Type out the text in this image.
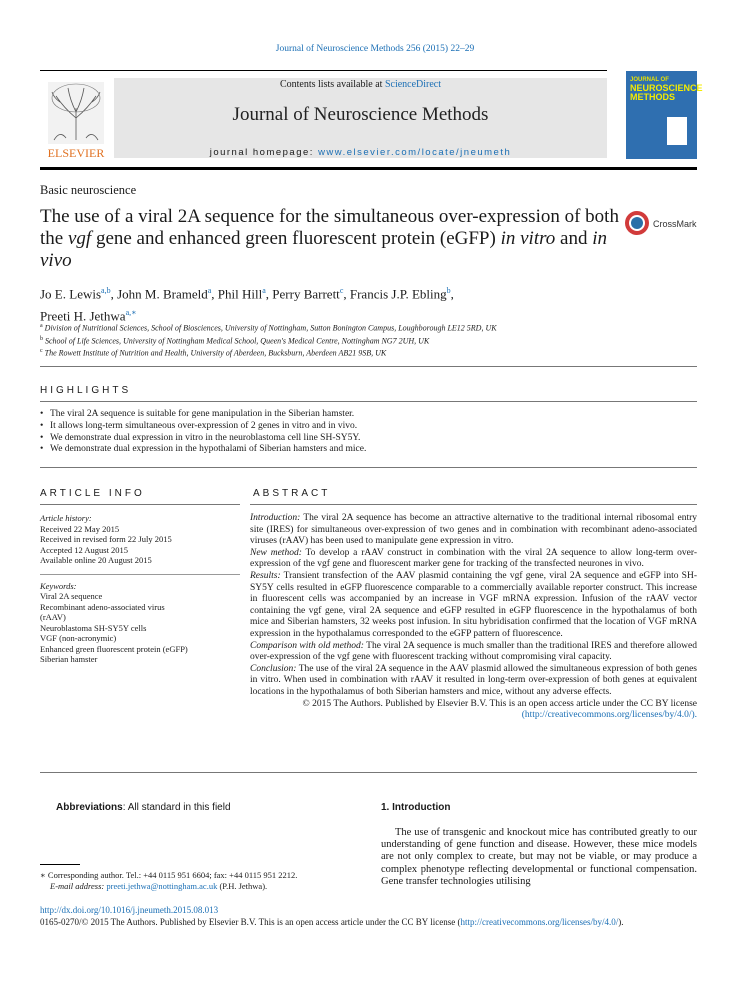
Journal of Neuroscience Methods 256 (2015) 22–29
ELSEVIER
Contents lists available at ScienceDirect
Journal of Neuroscience Methods
journal homepage: www.elsevier.com/locate/jneumeth
JOURNAL OF
NEUROSCIENCE METHODS
Basic neuroscience
The use of a viral 2A sequence for the simultaneous over-expression of both the vgf gene and enhanced green fluorescent protein (eGFP) in vitro and in vivo
CrossMark
Jo E. Lewis$^{a,b}$, John M. Brameld$^a$, Phil Hill$^a$, Perry Barrett$^c$, Francis J.P. Ebling$^b$,
Preeti H. Jethwa$^{a,∗}$
$^a$ Division of Nutritional Sciences, School of Biosciences, University of Nottingham, Sutton Bonington Campus, Loughborough LE12 5RD, UK
$^b$ School of Life Sciences, University of Nottingham Medical School, Queen's Medical Centre, Nottingham NG7 2UH, UK
$^c$ The Rowett Institute of Nutrition and Health, University of Aberdeen, Bucksburn, Aberdeen AB21 9SB, UK
HIGHLIGHTS
• The viral 2A sequence is suitable for gene manipulation in the Siberian hamster.
• It allows long-term simultaneous over-expression of 2 genes in vitro and in vivo.
• We demonstrate dual expression in vitro in the neuroblastoma cell line SH-SY5Y.
• We demonstrate dual expression in the hypothalami of Siberian hamsters and mice.
ARTICLE INFO	ABSTRACT
Article history:
Received 22 May 2015
Received in revised form 22 July 2015
Accepted 12 August 2015
Available online 20 August 2015
Keywords:
Viral 2A sequence
Recombinant adeno-associated virus
(rAAV)
Neuroblastoma SH-SY5Y cells
VGF (non-acronymic)
Enhanced green fluorescent protein (eGFP)
Siberian hamster

Introduction: The viral 2A sequence has become an attractive alternative to the traditional internal ribosomal entry site (IRES) for simultaneous over-expression of two genes and in combination with recombinant adeno-associated viruses (rAAV) has been used to manipulate gene expression in vitro.

New method: To develop a rAAV construct in combination with the viral 2A sequence to allow long-term over-expression of the vgf gene and fluorescent marker gene for tracking of the transfected neurones in vivo.

Results: Transient transfection of the AAV plasmid containing the vgf gene, viral 2A sequence and eGFP into SH-SY5Y cells resulted in eGFP fluorescence comparable to a commercially available reporter construct. This increase in fluorescent cells was accompanied by an increase in VGF mRNA expression. Infusion of the rAAV vector containing the vgf gene, viral 2A sequence and eGFP resulted in eGFP fluorescence in the hypothalamus of both mice and Siberian hamsters, 32 weeks post infusion. In situ hybridisation confirmed that the location of VGF mRNA expression in the hypothalamus corresponded to the eGFP pattern of fluorescence.

Comparison with old method: The viral 2A sequence is much smaller than the traditional IRES and therefore allowed over-expression of the vgf gene with fluorescent tracking without compromising viral capacity.

Conclusion: The use of the viral 2A sequence in the AAV plasmid allowed the simultaneous expression of both genes in vitro. When used in combination with rAAV it resulted in long-term over-expression of both genes at equivalent locations in the hypothalamus of both Siberian hamsters and mice, without any adverse effects.

© 2015 The Authors. Published by Elsevier B.V. This is an open access article under the CC BY license
(http://creativecommons.org/licenses/by/4.0/).

Abbreviations: All standard in this field	1. Introduction
The use of transgenic and knockout mice has contributed greatly to our understanding of gene function and disease. However, these mice models are not only complex to create, but may not be viable, or may produce a complex phenotype reflecting developmental or functional compensation. Gene transfer technologies utilising
∗ Corresponding author. Tel.: +44 0115 951 6604; fax: +44 0115 951 2212.
E-mail address: preeti.jethwa@nottingham.ac.uk (P.H. Jethwa).
http://dx.doi.org/10.1016/j.jneumeth.2015.08.013
0165-0270/© 2015 The Authors. Published by Elsevier B.V. This is an open access article under the CC BY license (http://creativecommons.org/licenses/by/4.0/).
